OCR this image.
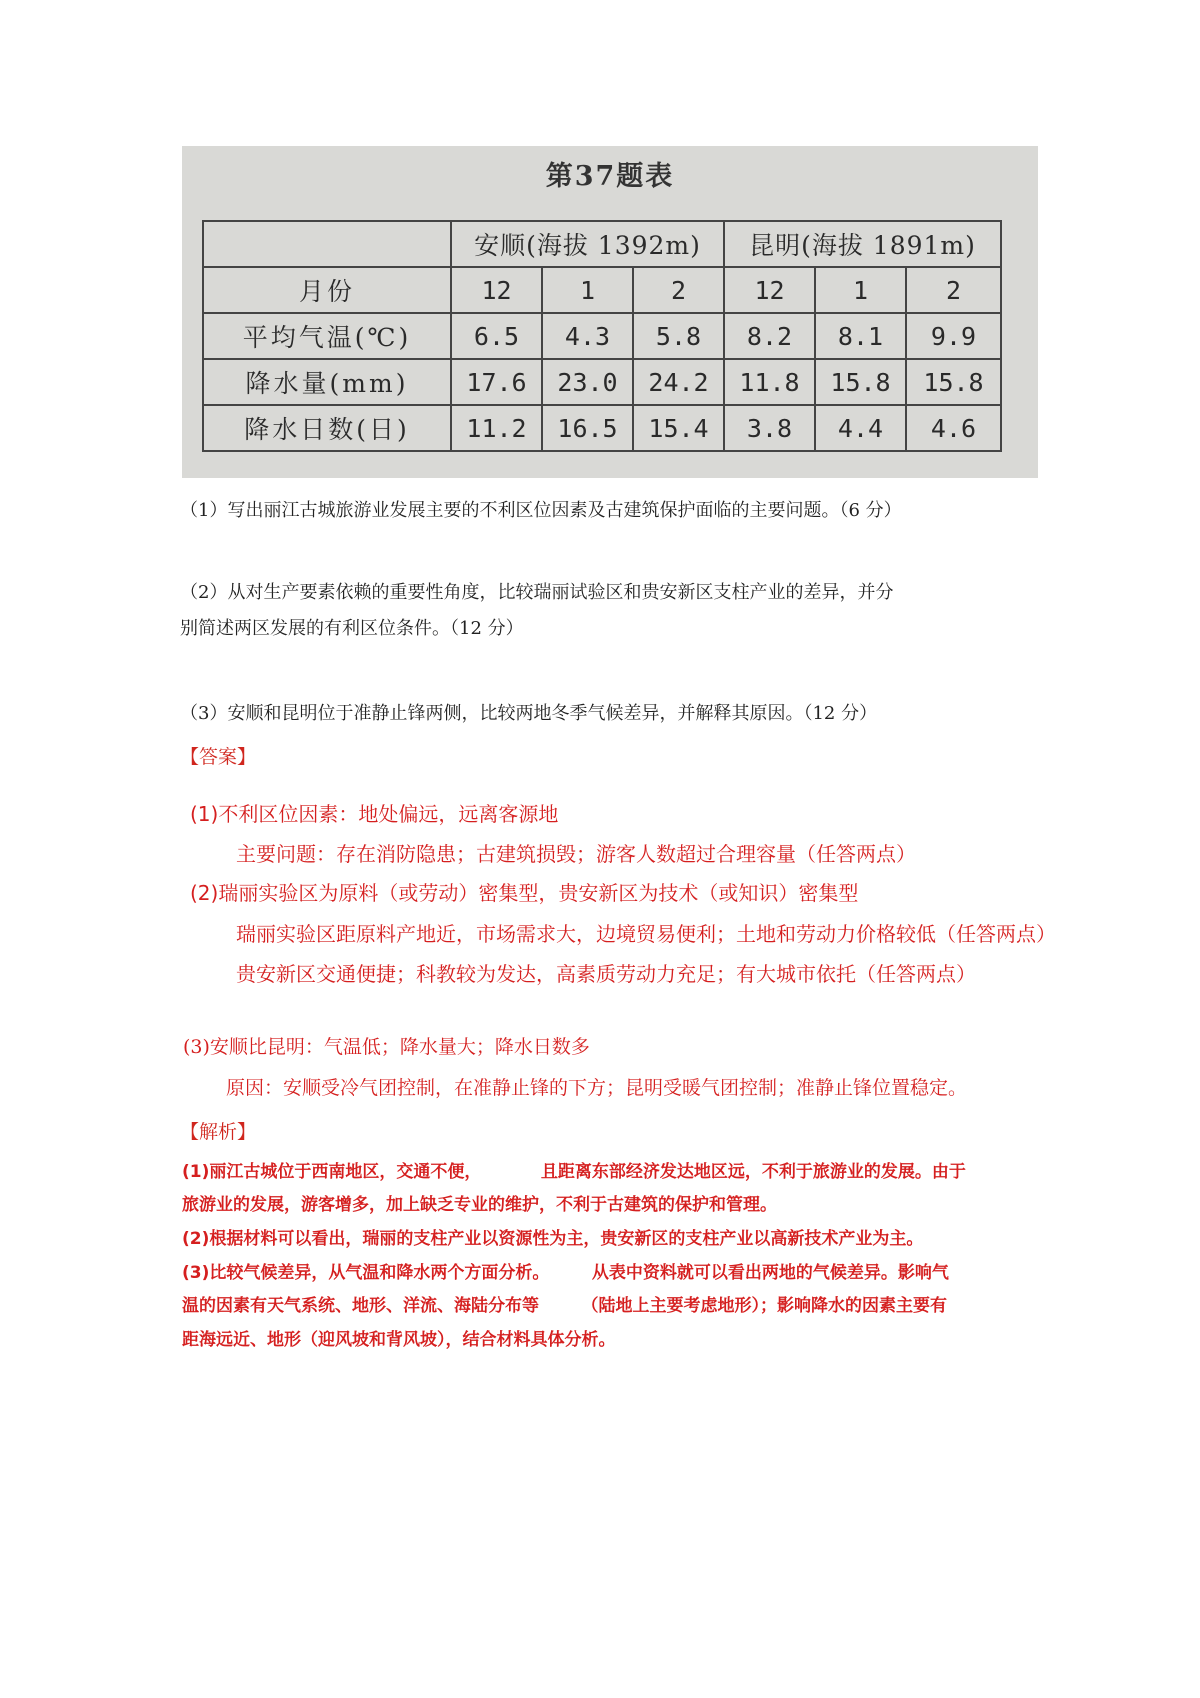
第37题表
	安顺(海拔 1392m)			昆明(海拔 1891m)		
月份	12	1	2	12	1	2
平均气温(℃)	6.5	4.3	5.8	8.2	8.1	9.9
降水量(mm)	17.6	23.0	24.2	11.8	15.8	15.8
降水日数(日)	11.2	16.5	15.4	3.8	4.4	4.6
（1）写出丽江古城旅游业发展主要的不利区位因素及古建筑保护面临的主要问题。（6 分）
（2）从对生产要素依赖的重要性角度，比较瑞丽试验区和贵安新区支柱产业的差异，并分
别简述两区发展的有利区位条件。（12 分）
（3）安顺和昆明位于准静止锋两侧，比较两地冬季气候差异，并解释其原因。（12 分）
【答案】
(1)不利区位因素：地处偏远，远离客源地
主要问题：存在消防隐患；古建筑损毁；游客人数超过合理容量（任答两点）
(2)瑞丽实验区为原料（或劳动）密集型，贵安新区为技术（或知识）密集型
瑞丽实验区距原料产地近，市场需求大，边境贸易便利；土地和劳动力价格较低（任答两点）
贵安新区交通便捷；科教较为发达，高素质劳动力充足；有大城市依托（任答两点）
(3)安顺比昆明：气温低；降水量大；降水日数多
原因：安顺受冷气团控制，在准静止锋的下方；昆明受暖气团控制；准静止锋位置稳定。
【解析】
(1)丽江古城位于西南地区，交通不便，　　　　且距离东部经济发达地区远，不利于旅游业的发展。由于
旅游业的发展，游客增多，加上缺乏专业的维护，不利于古建筑的保护和管理。
(2)根据材料可以看出，瑞丽的支柱产业以资源性为主，贵安新区的支柱产业以高新技术产业为主。
(3)比较气候差异，从气温和降水两个方面分析。　　　从表中资料就可以看出两地的气候差异。影响气
温的因素有天气系统、地形、洋流、海陆分布等　　　（陆地上主要考虑地形）；影响降水的因素主要有
距海远近、地形（迎风坡和背风坡），结合材料具体分析。
